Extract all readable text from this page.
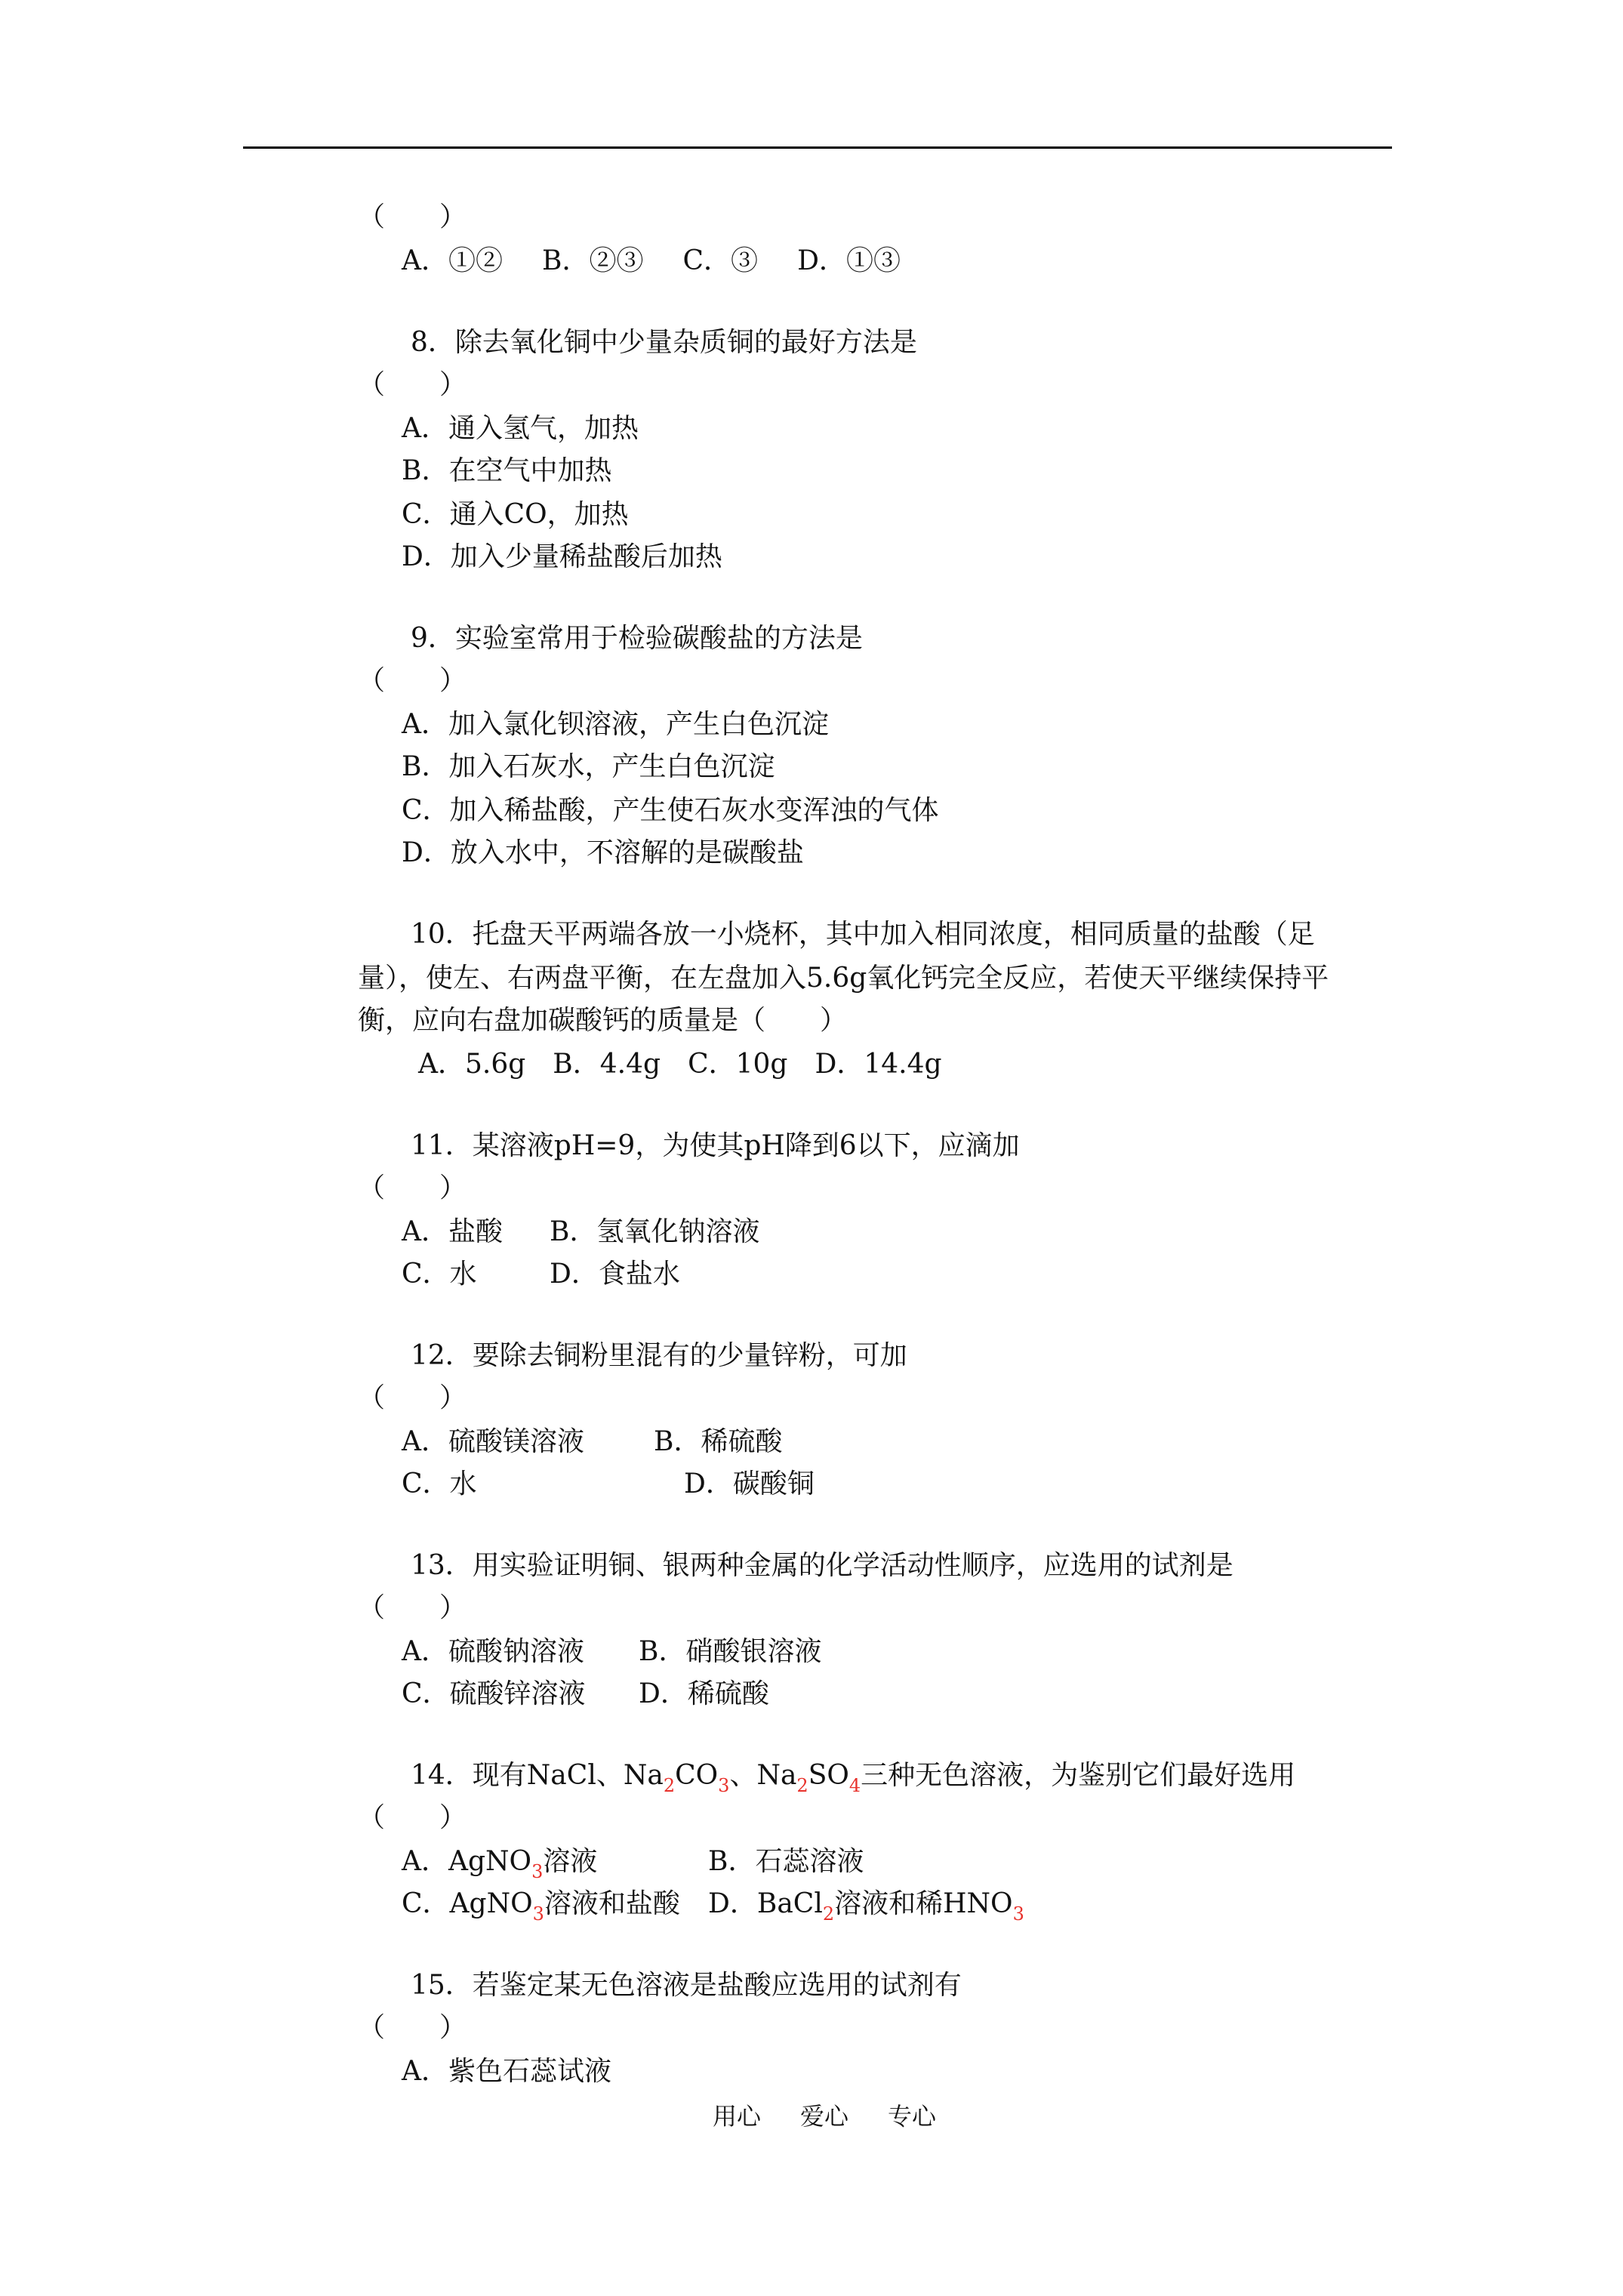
（　　）
A．①② B．②③ C．③ D．①③
8．除去氧化铜中少量杂质铜的最好方法是
（　　）
A．通入氢气，加热
B．在空气中加热
C．通入CO，加热
D．加入少量稀盐酸后加热
9．实验室常用于检验碳酸盐的方法是
（　　）
A．加入氯化钡溶液，产生白色沉淀
B．加入石灰水，产生白色沉淀
C．加入稀盐酸，产生使石灰水变浑浊的气体
D．放入水中，不溶解的是碳酸盐
10．托盘天平两端各放一小烧杯，其中加入相同浓度，相同质量的盐酸（足
量），使左、右两盘平衡，在左盘加入5.6g氧化钙完全反应，若使天平继续保持平
衡，应向右盘加碳酸钙的质量是（　　）
A．5.6g B．4.4g C．10g D．14.4g
11．某溶液pH=9，为使其pH降到6以下，应滴加
（　　）
A．盐酸 B．氢氧化钠溶液
C．水	D．食盐水
12．要除去铜粉里混有的少量锌粉，可加
（　　）
A．硫酸镁溶液	B．稀硫酸
C．水	D．碳酸铜
13．用实验证明铜、银两种金属的化学活动性顺序，应选用的试剂是
（　　）
A．硫酸钠溶液 B．硝酸银溶液
C．硫酸锌溶液 D．稀硫酸
14．现有NaCl、$Na_2CO_3$、$Na_2SO_4$三种无色溶液，为鉴别它们最好选用
（　　）
A．AgNO$_3$溶液	B．石蕊溶液
C．AgNO$_3$溶液和盐酸 D．BaCl$_2$溶液和稀$HNO_3$
15．若鉴定某无色溶液是盐酸应选用的试剂有
（　　）
A．紫色石蕊试液
用心 爱心 专心
